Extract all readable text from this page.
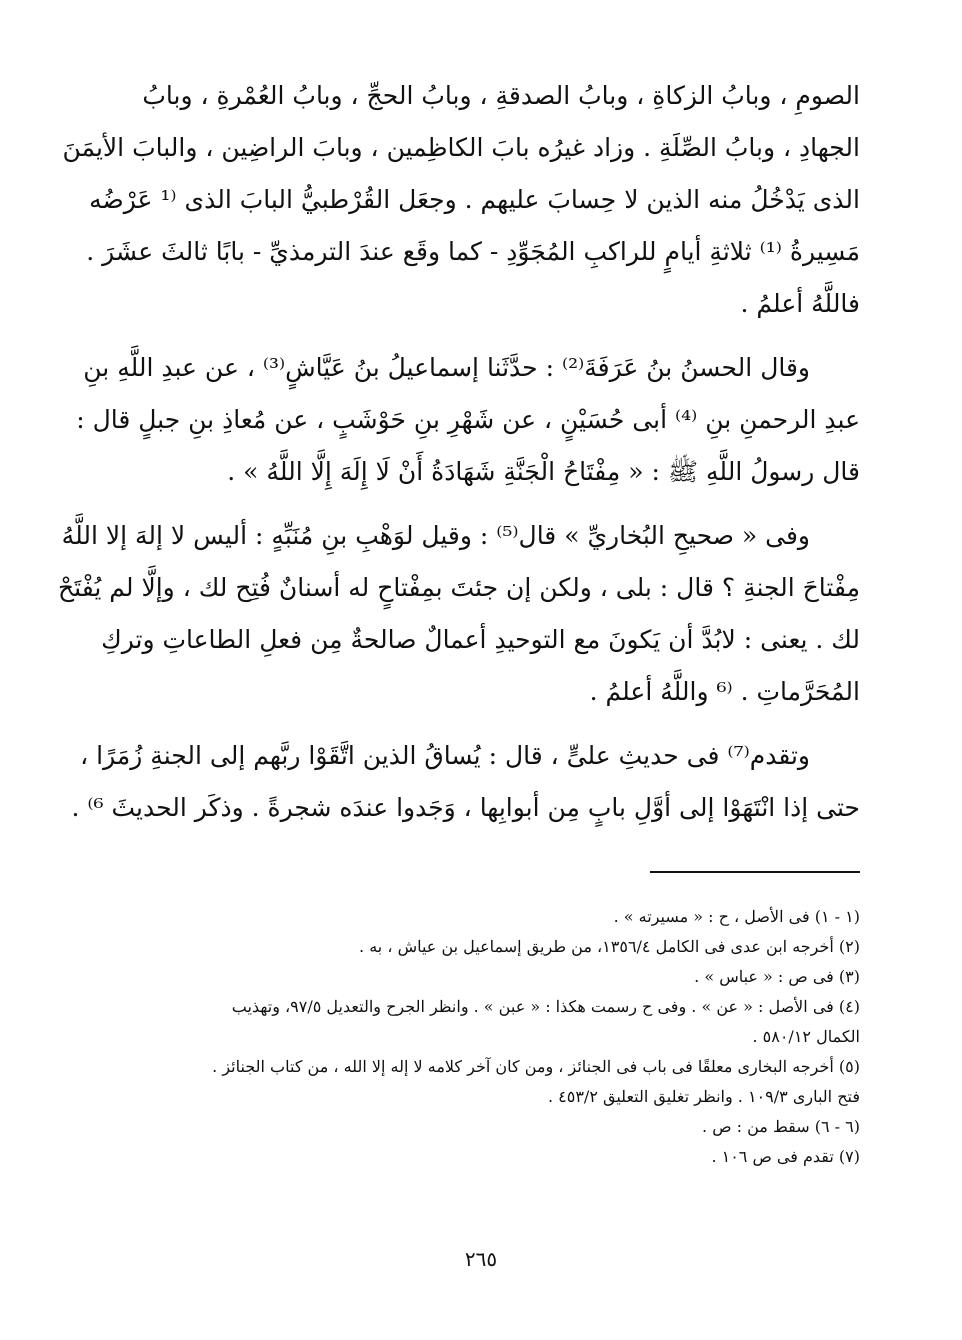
الصومِ ، وبابُ الزكاةِ ، وبابُ الصدقةِ ، وبابُ الحجِّ ، وبابُ العُمْرةِ ، وبابُ
الجهادِ ، وبابُ الصِّلَةِ . وزاد غيرُه بابَ الكاظِمين ، وبابَ الراضِين ، والبابَ الأيمَنَ
الذى يَدْخُلُ منه الذين لا حِسابَ عليهم . وجعَل القُرْطبيُّ البابَ الذى ⁽¹ عَرْضُه
مَسِيرةُ ⁽¹⁾ ثلاثةِ أيامٍ للراكبِ المُجَوِّدِ - كما وقَع عندَ الترمذيِّ - بابًا ثالثَ عشَرَ .
فاللَّهُ أعلمُ .

وقال الحسنُ بنُ عَرَفَةَ⁽²⁾ : حدَّثَنا إسماعيلُ بنُ عَيَّاشٍ⁽³⁾ ، عن عبدِ اللَّهِ بنِ
عبدِ الرحمنِ بنِ ⁽⁴⁾ أبى حُسَيْنٍ ، عن شَهْرِ بنِ حَوْشَبٍ ، عن مُعاذِ بنِ جبلٍ قال :
قال رسولُ اللَّهِ ﷺ : « مِفْتَاحُ الْجَنَّةِ شَهَادَةُ أَنْ لَا إِلَهَ إِلَّا اللَّهُ » .

وفى « صحيحِ البُخاريِّ » قال⁽⁵⁾ : وقيل لوَهْبِ بنِ مُنَبِّهٍ : أليس لا إلهَ إلا اللَّهُ
مِفْتاحَ الجنةِ ؟ قال : بلى ، ولكن إن جئتَ بمِفْتاحٍ له أسنانٌ فُتِح لك ، وإلَّا لم يُفْتَحْ
لك . يعنى : لابُدَّ أن يَكونَ مع التوحيدِ أعمالٌ صالحةٌ مِن فعلِ الطاعاتِ وتركِ
المُحَرَّماتِ . ⁽⁶ واللَّهُ أعلمُ .

وتقدم⁽⁷⁾ فى حديثِ علىٍّ ، قال : يُساقُ الذين اتَّقَوْا ربَّهم إلى الجنةِ زُمَرًا ،
حتى إذا انْتَهَوْا إلى أوَّلِ بابٍ مِن أبوابِها ، وَجَدوا عندَه شجرةً . وذكَر الحديثَ ⁶⁾ .

(١ - ١) فى الأصل ، ح : « مسيرته » .

(٢) أخرجه ابن عدى فى الكامل ١٣٥٦/٤، من طريق إسماعيل بن عياش ، به .

(٣) فى ص : « عباس » .

(٤) فى الأصل : « عن » . وفى ح رسمت هكذا : « عبن » . وانظر الجرح والتعديل ٩٧/٥، وتهذيب
الكمال ٥٨٠/١٢ .

(٥) أخرجه البخارى معلقًا فى باب فى الجنائز ، ومن كان آخر كلامه لا إله إلا الله ، من كتاب الجنائز .
فتح البارى ١٠٩/٣ . وانظر تغليق التعليق ٤٥٣/٢ .

(٦ - ٦) سقط من : ص .

(٧) تقدم فى ص ١٠٦ .

٢٦٥
